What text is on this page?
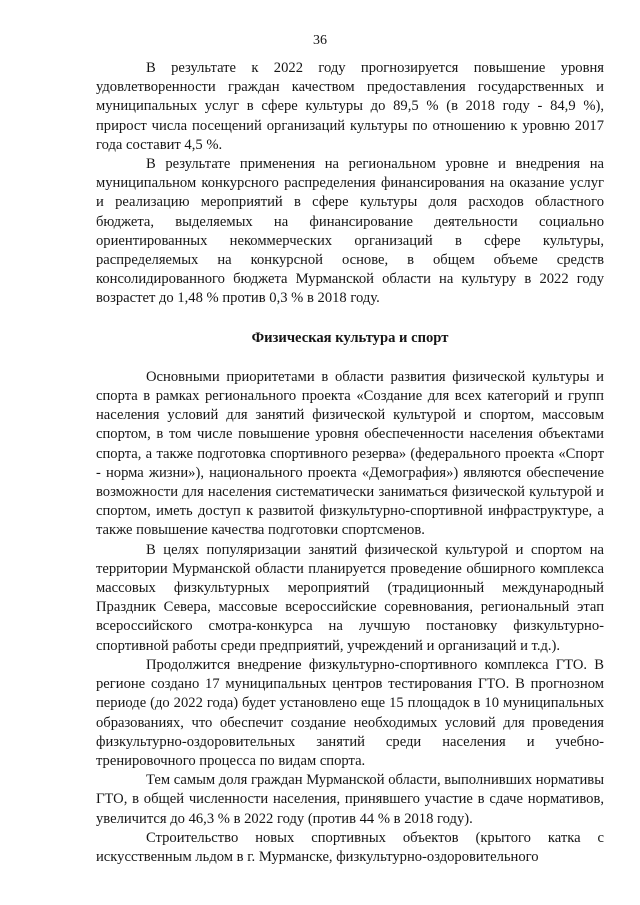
36

В результате к 2022 году прогнозируется повышение уровня удовлетворенности граждан качеством предоставления государственных и муниципальных услуг в сфере культуры до 89,5 % (в 2018 году - 84,9 %), прирост числа посещений организаций культуры по отношению к уровню 2017 года составит 4,5 %.

В результате применения на региональном уровне и внедрения на муниципальном конкурсного распределения финансирования на оказание услуг и реализацию мероприятий в сфере культуры доля расходов областного бюджета, выделяемых на финансирование деятельности социально ориентированных некоммерческих организаций в сфере культуры, распределяемых на конкурсной основе, в общем объеме средств консолидированного бюджета Мурманской области на культуру в 2022 году возрастет до 1,48 % против 0,3 % в 2018 году.

Физическая культура и спорт

Основными приоритетами в области развития физической культуры и спорта в рамках регионального проекта «Создание для всех категорий и групп населения условий для занятий физической культурой и спортом, массовым спортом, в том числе повышение уровня обеспеченности населения объектами спорта, а также подготовка спортивного резерва» (федерального проекта «Спорт - норма жизни»), национального проекта «Демография») являются обеспечение возможности для населения систематически заниматься физической культурой и спортом, иметь доступ к развитой физкультурно-спортивной инфраструктуре, а также повышение качества подготовки спортсменов.

В целях популяризации занятий физической культурой и спортом на территории Мурманской области планируется проведение обширного комплекса массовых физкультурных мероприятий (традиционный международный Праздник Севера, массовые всероссийские соревнования, региональный этап всероссийского смотра-конкурса на лучшую постановку физкультурно-спортивной работы среди предприятий, учреждений и организаций и т.д.).

Продолжится внедрение физкультурно-спортивного комплекса ГТО. В регионе создано 17 муниципальных центров тестирования ГТО. В прогнозном периоде (до 2022 года) будет установлено еще 15 площадок в 10 муниципальных образованиях, что обеспечит создание необходимых условий для проведения физкультурно-оздоровительных занятий среди населения и учебно-тренировочного процесса по видам спорта.

Тем самым доля граждан Мурманской области, выполнивших нормативы ГТО, в общей численности населения, принявшего участие в сдаче нормативов, увеличится до 46,3 % в 2022 году (против 44 % в 2018 году).

Строительство новых спортивных объектов (крытого катка с искусственным льдом в г. Мурманске, физкультурно-оздоровительного
